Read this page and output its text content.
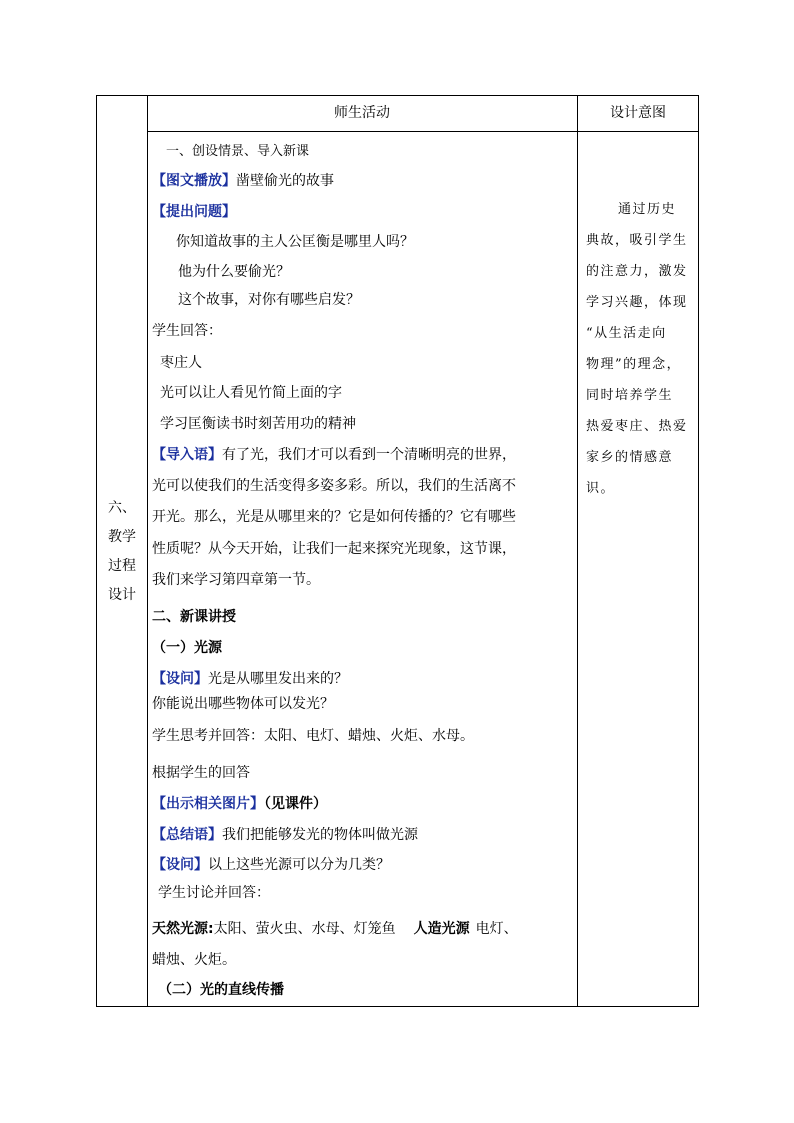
师生活动	设计意图
六、
教学
过程
设计
一、创设情景、导入新课
【图文播放】凿壁偷光的故事
【提出问题】
你知道故事的主人公匡衡是哪里人吗？
他为什么要偷光？
这个故事，对你有哪些启发？
学生回答：
枣庄人
光可以让人看见竹简上面的字
学习匡衡读书时刻苦用功的精神
【导入语】有了光，我们才可以看到一个清晰明亮的世界，
光可以使我们的生活变得多姿多彩。所以，我们的生活离不
开光。那么，光是从哪里来的？它是如何传播的？它有哪些
性质呢？从今天开始，让我们一起来探究光现象，这节课，
我们来学习第四章第一节。
二、新课讲授
（一）光源
【设问】光是从哪里发出来的？
你能说出哪些物体可以发光？
学生思考并回答：太阳、电灯、蜡烛、火炬、水母。
根据学生的回答
【出示相关图片】（见课件）
【总结语】我们把能够发光的物体叫做光源
【设问】以上这些光源可以分为几类？
学生讨论并回答：
天然光源:太阳、萤火虫、水母、灯笼鱼 人造光源 电灯、
蜡烛、火炬。
（二）光的直线传播
通过历史
典故，吸引学生
的注意力，激发
学习兴趣，体现
“从生活走向
物理”的理念，
同时培养学生
热爱枣庄、热爱
家乡的情感意
识。
